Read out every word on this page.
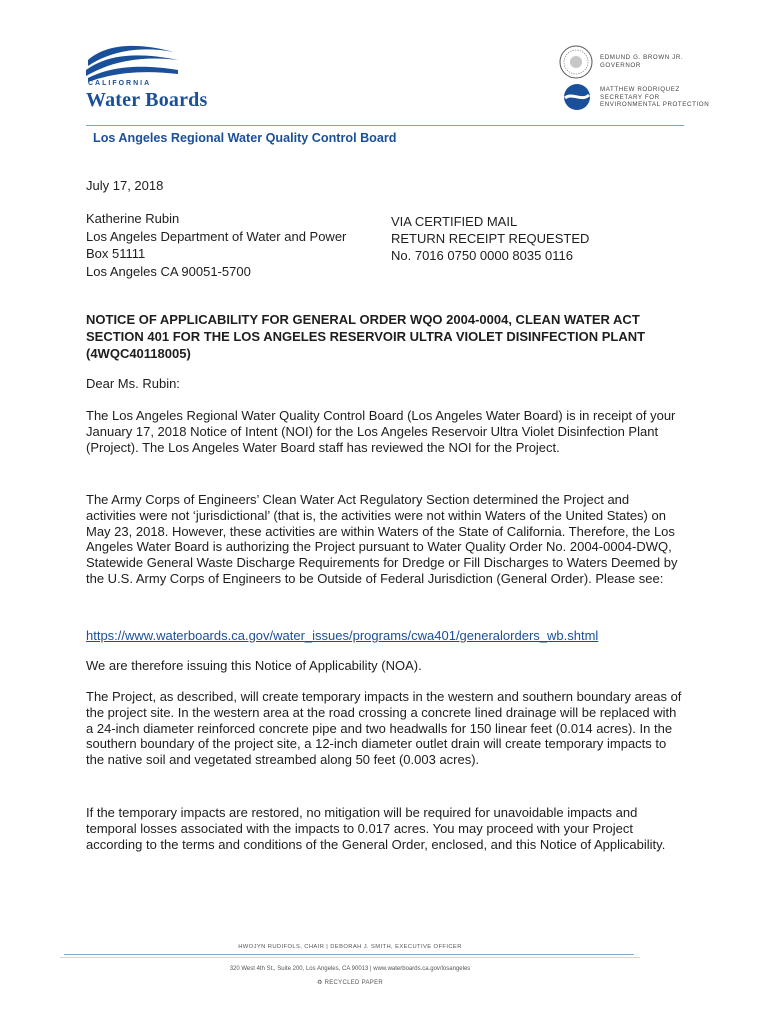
CALIFORNIA
Water Boards
EDMUND G. BROWN JR.
GOVERNOR
MATTHEW RODRIQUEZ
SECRETARY FOR
ENVIRONMENTAL PROTECTION
Los Angeles Regional Water Quality Control Board
July 17, 2018
Katherine Rubin
Los Angeles Department of Water and Power
Box 51111
Los Angeles CA 90051-5700
VIA CERTIFIED MAIL
RETURN RECEIPT REQUESTED
No. 7016 0750 0000 8035 0116
NOTICE OF APPLICABILITY FOR GENERAL ORDER WQO 2004-0004, CLEAN WATER ACT SECTION 401 FOR THE LOS ANGELES RESERVOIR ULTRA VIOLET DISINFECTION PLANT (4WQC40118005)
Dear Ms. Rubin:
The Los Angeles Regional Water Quality Control Board (Los Angeles Water Board) is in receipt of your January 17, 2018 Notice of Intent (NOI) for the Los Angeles Reservoir Ultra Violet Disinfection Plant (Project). The Los Angeles Water Board staff has reviewed the NOI for the Project.
The Army Corps of Engineers’ Clean Water Act Regulatory Section determined the Project and activities were not ‘jurisdictional’ (that is, the activities were not within Waters of the United States) on May 23, 2018. However, these activities are within Waters of the State of California. Therefore, the Los Angeles Water Board is authorizing the Project pursuant to Water Quality Order No. 2004-0004-DWQ, Statewide General Waste Discharge Requirements for Dredge or Fill Discharges to Waters Deemed by the U.S. Army Corps of Engineers to be Outside of Federal Jurisdiction (General Order). Please see:
https://www.waterboards.ca.gov/water_issues/programs/cwa401/generalorders_wb.shtml
We are therefore issuing this Notice of Applicability (NOA).
The Project, as described, will create temporary impacts in the western and southern boundary areas of the project site. In the western area at the road crossing a concrete lined drainage will be replaced with a 24-inch diameter reinforced concrete pipe and two headwalls for 150 linear feet (0.014 acres). In the southern boundary of the project site, a 12-inch diameter outlet drain will create temporary impacts to the native soil and vegetated streambed along 50 feet (0.003 acres).
If the temporary impacts are restored, no mitigation will be required for unavoidable impacts and temporal losses associated with the impacts to 0.017 acres. You may proceed with your Project according to the terms and conditions of the General Order, enclosed, and this Notice of Applicability.
HWOJYN RUDIFOLS, CHAIR | DEBORAH J. SMITH, EXECUTIVE OFFICER
320 West 4th St., Suite 200, Los Angeles, CA 90013 | www.waterboards.ca.gov/losangeles
♻ RECYCLED PAPER
